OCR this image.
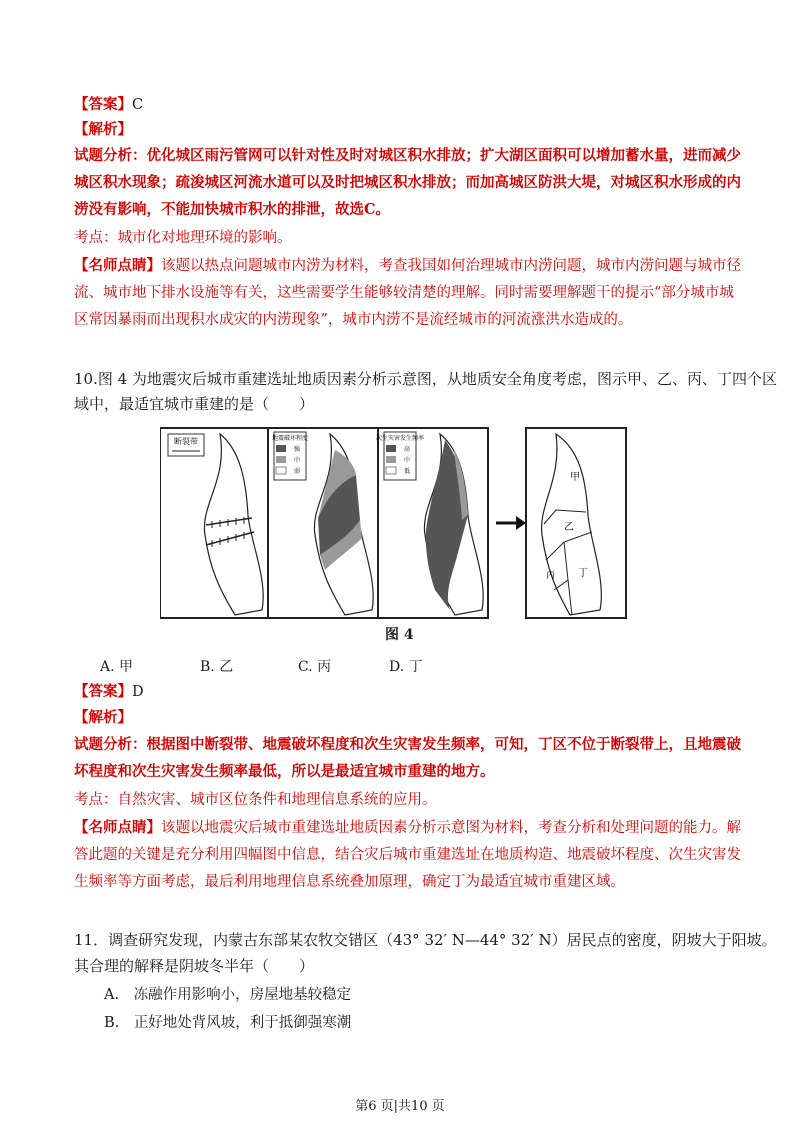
【答案】C
【解析】
试题分析：优化城区雨污管网可以针对性及时对城区积水排放；扩大湖区面积可以增加蓄水量，进而减少
城区积水现象；疏浚城区河流水道可以及时把城区积水排放；而加高城区防洪大堤，对城区积水形成的内
涝没有影响，不能加快城市积水的排泄，故选C。
考点：城市化对地理环境的影响。
【名师点睛】该题以热点问题城市内涝为材料，考查我国如何治理城市内涝问题，城市内涝问题与城市径
流、城市地下排水设施等有关，这些需要学生能够较清楚的理解。同时需要理解题干的提示“部分城市城
区常因暴雨而出现积水成灾的内涝现象”，城市内涝不是流经城市的河流涨洪水造成的。
10.图 4 为地震灾后城市重建选址地质因素分析示意图，从地质安全角度考虑，图示甲、乙、丙、丁四个区
域中，最适宜城市重建的是（　　）
断裂带	地震破坏程度
强
中
弱
次生灾害发生频率
高
中
低
甲
乙
丙 丁
图 4
A. 甲	B. 乙	C. 丙	D. 丁
【答案】D
【解析】
试题分析：根据图中断裂带、地震破坏程度和次生灾害发生频率，可知，丁区不位于断裂带上，且地震破
坏程度和次生灾害发生频率最低，所以是最适宜城市重建的地方。
考点：自然灾害、城市区位条件和地理信息系统的应用。
【名师点睛】该题以地震灾后城市重建选址地质因素分析示意图为材料，考查分析和处理问题的能力。解
答此题的关键是充分利用四幅图中信息，结合灾后城市重建选址在地质构造、地震破坏程度、次生灾害发
生频率等方面考虑，最后利用地理信息系统叠加原理，确定丁为最适宜城市重建区域。
11．调查研究发现，内蒙古东部某农牧交错区（43° 32′ N—44° 32′ N）居民点的密度，阴坡大于阳坡。
其合理的解释是阴坡冬半年（　　）
A.　冻融作用影响小，房屋地基较稳定
B.　正好地处背风坡，利于抵御强寒潮
第6 页|共10 页
